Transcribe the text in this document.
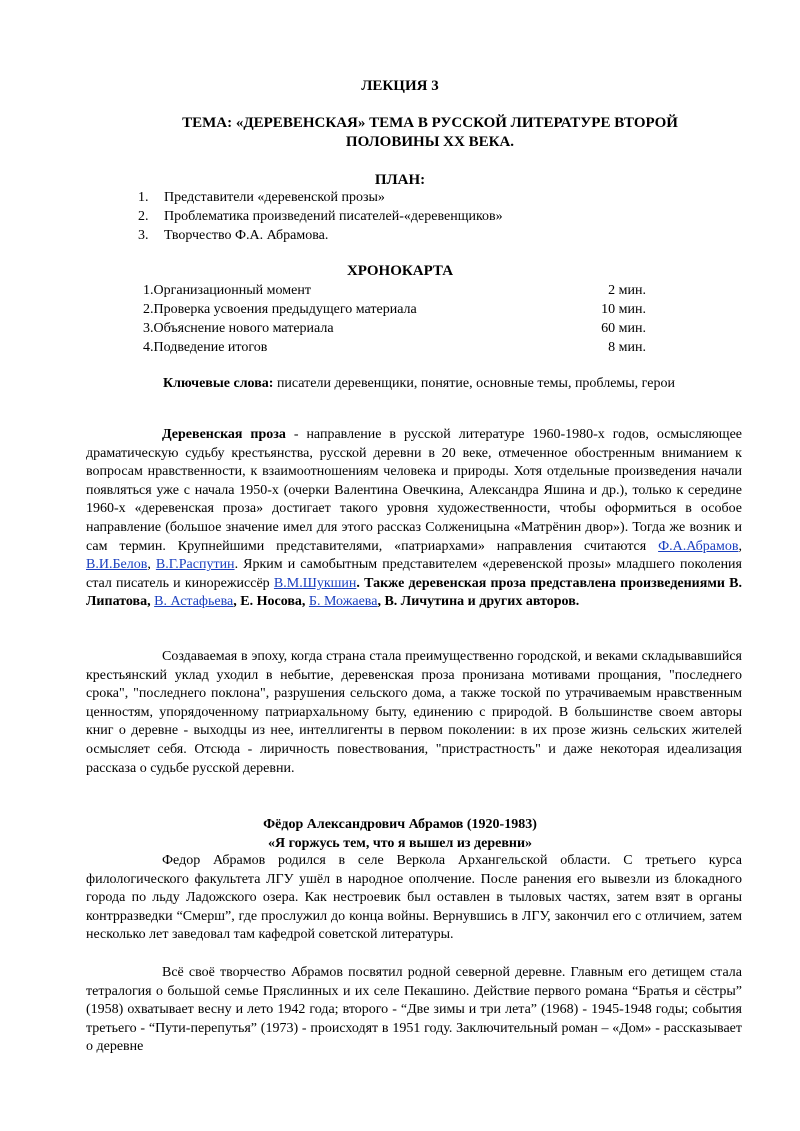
ЛЕКЦИЯ 3
ТЕМА: «ДЕРЕВЕНСКАЯ» ТЕМА В РУССКОЙ ЛИТЕРАТУРЕ ВТОРОЙ
ПОЛОВИНЫ ХХ ВЕКА.
ПЛАН:
1.	Представители «деревенской прозы»
2.	Проблематика произведений писателей-«деревенщиков»
3.	Творчество Ф.А. Абрамова.
ХРОНОКАРТА
1.Организационный момент	2 мин.
2.Проверка усвоения предыдущего материала	10 мин.
3.Объяснение нового материала	60 мин.
4.Подведение итогов	8 мин.
Ключевые слова: писатели деревенщики, понятие, основные темы, проблемы, герои
Деревенская проза - направление в русской литературе 1960-1980-х годов, осмысляющее драматическую судьбу крестьянства, русской деревни в 20 веке, отмеченное обостренным вниманием к вопросам нравственности, к взаимоотношениям человека и природы. Хотя отдельные произведения начали появляться уже с начала 1950-х (очерки Валентина Овечкина, Александра Яшина и др.), только к середине 1960-х «деревенская проза» достигает такого уровня художественности, чтобы оформиться в особое направление (большое значение имел для этого рассказ Солженицына «Матрёнин двор»). Тогда же возник и сам термин. Крупнейшими представителями, «патриархами» направления считаются Ф.А.Абрамов, В.И.Белов, В.Г.Распутин. Ярким и самобытным представителем «деревенской прозы» младшего поколения стал писатель и кинорежиссёр В.М.Шукшин. Также деревенская проза представлена произведениями В. Липатова, В. Астафьева, Е. Носова, Б. Можаева, В. Личутина и других авторов.
Создаваемая в эпоху, когда страна стала преимущественно городской, и веками складывавшийся крестьянский уклад уходил в небытие, деревенская проза пронизана мотивами прощания, "последнего срока", "последнего поклона", разрушения сельского дома, а также тоской по утрачиваемым нравственным ценностям, упорядоченному патриархальному быту, единению с природой. В большинстве своем авторы книг о деревне - выходцы из нее, интеллигенты в первом поколении: в их прозе жизнь сельских жителей осмысляет себя. Отсюда - лиричность повествования, "пристрастность" и даже некоторая идеализация рассказа о судьбе русской деревни.
Фёдор Александрович Абрамов (1920-1983)
«Я горжусь тем, что я вышел из деревни»
Федор Абрамов родился в селе Веркола Архангельской области. С третьего курса филологического факультета ЛГУ ушёл в народное ополчение. После ранения его вывезли из блокадного города по льду Ладожского озера. Как нестроевик был оставлен в тыловых частях, затем взят в органы контрразведки “Смерш”, где прослужил до конца войны. Вернувшись в ЛГУ, закончил его с отличием, затем несколько лет заведовал там кафедрой советской литературы.
Всё своё творчество Абрамов посвятил родной северной деревне. Главным его детищем стала тетралогия о большой семье Пряслинных и их селе Пекашино. Действие первого романа “Братья и сёстры” (1958) охватывает весну и лето 1942 года; второго - “Две зимы и три лета” (1968) - 1945-1948 годы; события третьего - “Пути-перепутья” (1973) - происходят в 1951 году. Заключительный роман – «Дом» - рассказывает о деревне
